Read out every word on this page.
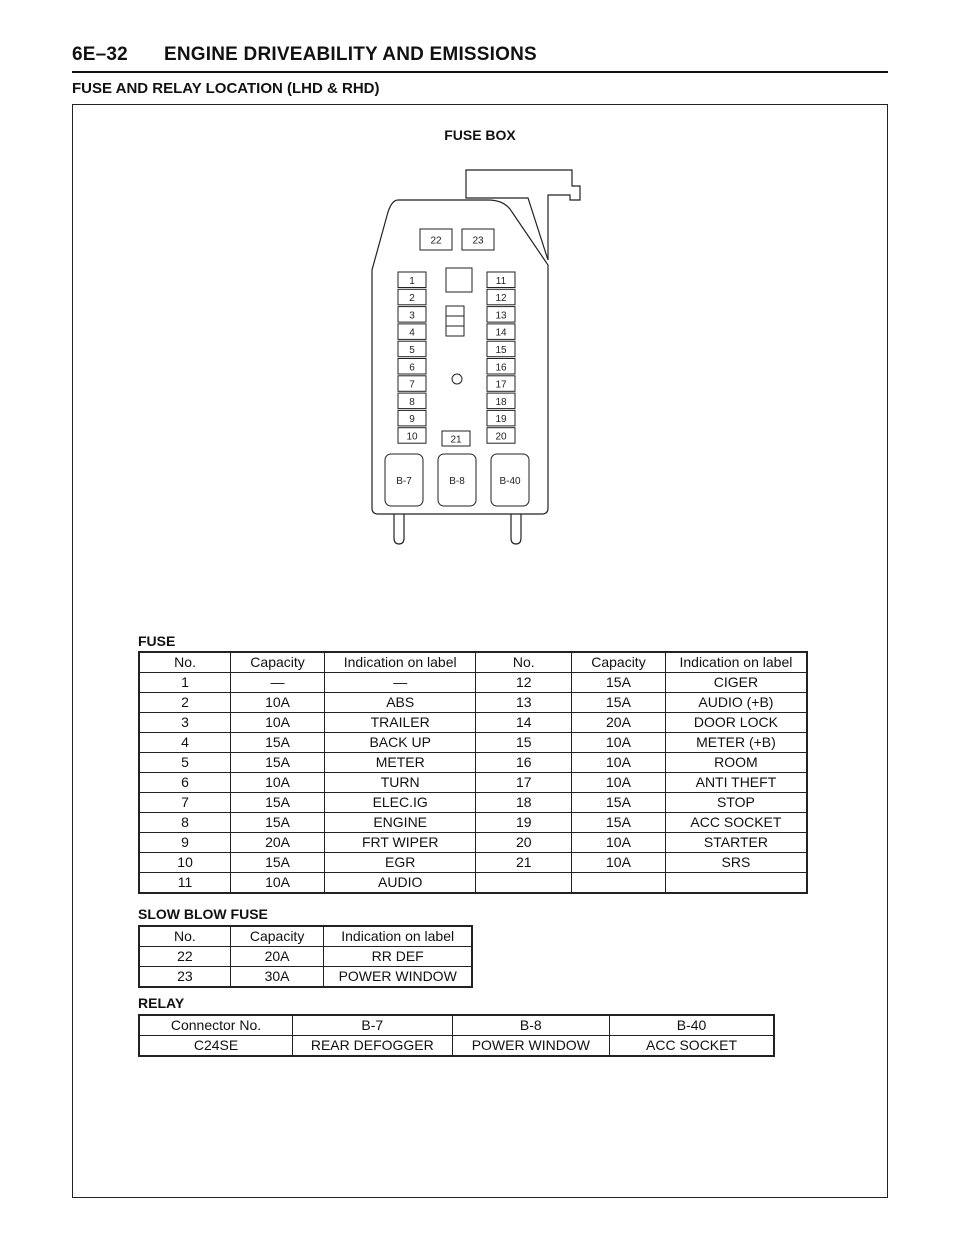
6E–32 ENGINE DRIVEABILITY AND EMISSIONS
FUSE AND RELAY LOCATION (LHD & RHD)
FUSE BOX
1
2
3
4
5
6
7
8
9
10
11
12
13
14
15
16
17
18
19
20
21
22	23
B-7	B-8	B-40
FUSE
No.	Capacity	Indication on label	No.	Capacity	Indication on label
1	—	—	12	15A	CIGER
2	10A	ABS	13	15A	AUDIO (+B)
3	10A	TRAILER	14	20A	DOOR LOCK
4	15A	BACK UP	15	10A	METER (+B)
5	15A	METER	16	10A	ROOM
6	10A	TURN	17	10A	ANTI THEFT
7	15A	ELEC.IG	18	15A	STOP
8	15A	ENGINE	19	15A	ACC SOCKET
9	20A	FRT WIPER	20	10A	STARTER
10	15A	EGR	21	10A	SRS
11	10A	AUDIO			
SLOW BLOW FUSE
No.	Capacity	Indication on label
22	20A	RR DEF
23	30A	POWER WINDOW
RELAY
Connector No.	B-7	B-8	B-40
C24SE	REAR DEFOGGER	POWER WINDOW	ACC SOCKET
